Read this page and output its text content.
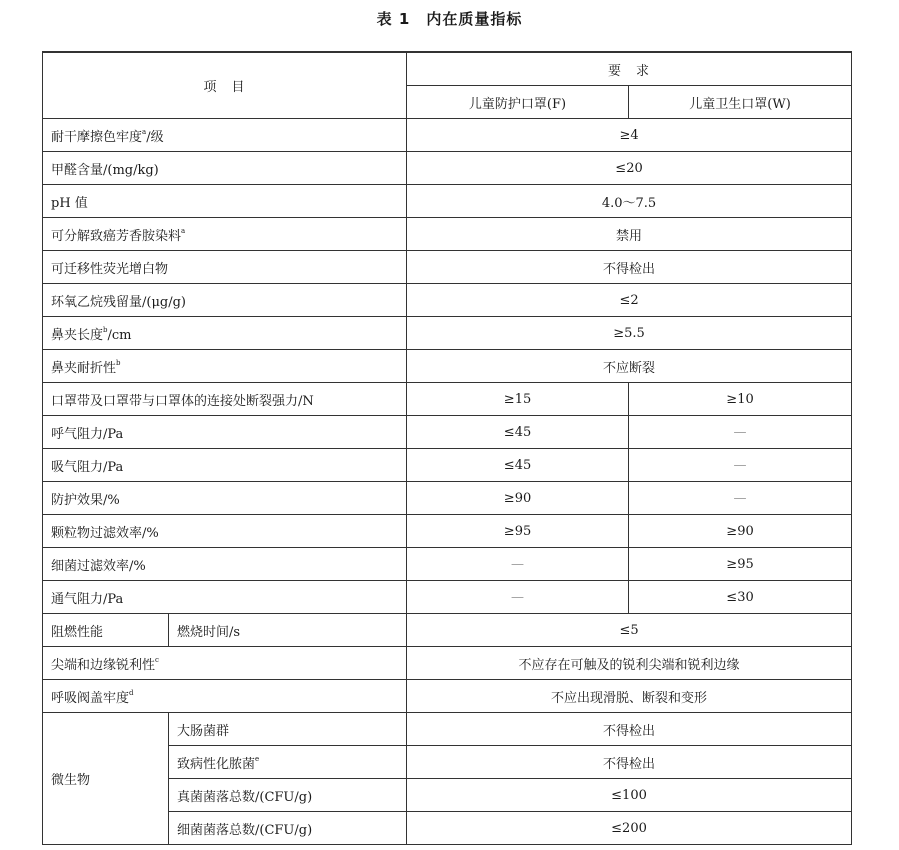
表 1　内在质量指标
项　目		要　求	
		儿童防护口罩(F)	儿童卫生口罩(W)
耐干摩擦色牢度$^a$/级		≥4	
甲醛含量/(mg/kg)		≤20	
pH 值		4.0～7.5	
可分解致癌芳香胺染料$^a$		禁用	
可迁移性荧光增白物		不得检出	
环氧乙烷残留量/(μg/g)		≤2	
鼻夹长度$^b$/cm		≥5.5	
鼻夹耐折性$^b$		不应断裂	
口罩带及口罩带与口罩体的连接处断裂强力/N		≥15	≥10
呼气阻力/Pa		≤45	—
吸气阻力/Pa		≤45	—
防护效果/%		≥90	—
颗粒物过滤效率/%		≥95	≥90
细菌过滤效率/%		—	≥95
通气阻力/Pa		—	≤30
阻燃性能	燃烧时间/s	≤5	
尖端和边缘锐利性$^c$		不应存在可触及的锐利尖端和锐利边缘	
呼吸阀盖牢度$^d$		不应出现滑脱、断裂和变形	
微生物	大肠菌群	不得检出	
	致病性化脓菌$^e$	不得检出	
	真菌菌落总数/(CFU/g)	≤100	
	细菌菌落总数/(CFU/g)	≤200	
